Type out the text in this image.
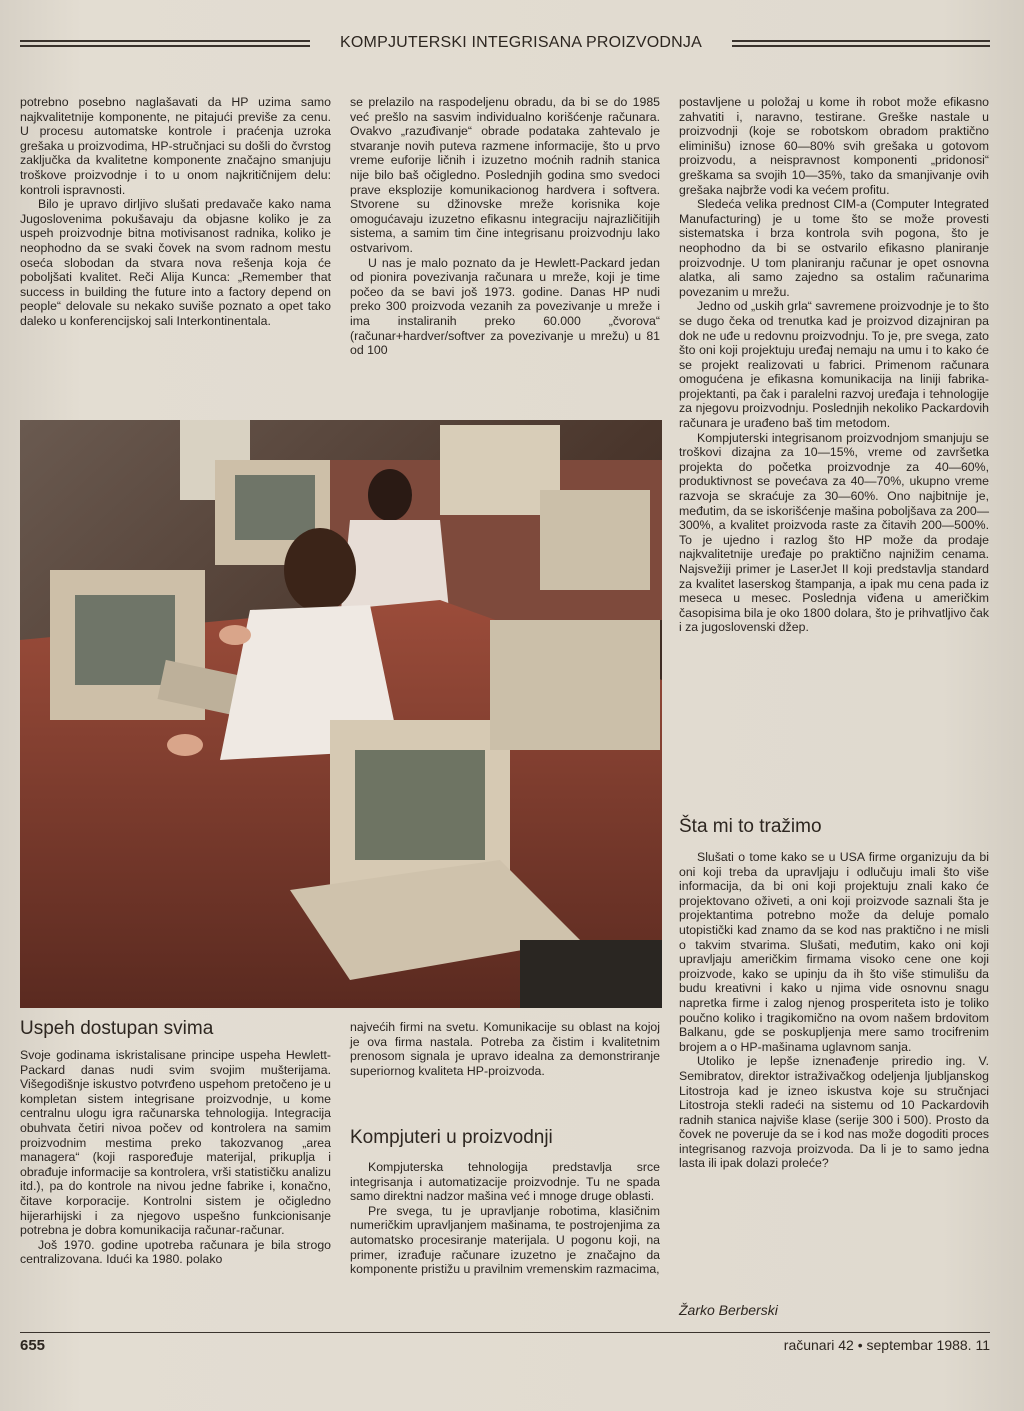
KOMPJUTERSKI INTEGRISANA PROIZVODNJA

potrebno posebno naglašavati da HP uzima samo najkvalitetnije komponente, ne pitajući previše za cenu. U procesu automatske kontrole i praćenja uzroka grešaka u proizvodima, HP-stručnjaci su došli do čvrstog zaključka da kvalitetne komponente značajno smanjuju troškove proizvodnje i to u onom najkritičnijem delu: kontroli ispravnosti.

Bilo je upravo dirljivo slušati predavače kako nama Jugoslovenima pokušavaju da objasne koliko je za uspeh proizvodnje bitna motivisanost radnika, koliko je neophodno da se svaki čovek na svom radnom mestu oseća slobodan da stvara nova rešenja koja će poboljšati kvalitet. Reči Alija Kunca: „Remember that success in building the future into a factory depend on people“ delovale su nekako suviše poznato a opet tako daleko u konferencijskoj sali Interkontinentala.

se prelazilo na raspodeljenu obradu, da bi se do 1985 već prešlo na sasvim individualno korišćenje računara. Ovakvo „razuđivanje“ obrade podataka zahtevalo je stvaranje novih puteva razmene informacije, što u prvo vreme euforije ličnih i izuzetno moćnih radnih stanica nije bilo baš očigledno. Poslednjih godina smo svedoci prave eksplozije komunikacionog hardvera i softvera. Stvorene su džinovske mreže korisnika koje omogućavaju izuzetno efikasnu integraciju najrazličitijih sistema, a samim tim čine integrisanu proizvodnju lako ostvarivom.

U nas je malo poznato da je Hewlett-Packard jedan od pionira povezivanja računara u mreže, koji je time počeo da se bavi još 1973. godine. Danas HP nudi preko 300 proizvoda vezanih za povezivanje u mreže i ima instaliranih preko 60.000 „čvorova“ (računar+hardver/softver za povezivanje u mrežu) u 81 od 100

postavljene u položaj u kome ih robot može efikasno zahvatiti i, naravno, testirane. Greške nastale u proizvodnji (koje se robotskom obradom praktično eliminišu) iznose 60—80% svih grešaka u gotovom proizvodu, a neispravnost komponenti „pridonosi“ greškama sa svojih 10—35%, tako da smanjivanje ovih grešaka najbrže vodi ka većem profitu.

Sledeća velika prednost CIM-a (Computer Integrated Manufacturing) je u tome što se može provesti sistematska i brza kontrola svih pogona, što je neophodno da bi se ostvarilo efikasno planiranje proizvodnje. U tom planiranju računar je opet osnovna alatka, ali samo zajedno sa ostalim računarima povezanim u mrežu.

Jedno od „uskih grla“ savremene proizvodnje je to što se dugo čeka od trenutka kad je proizvod dizajniran pa dok ne uđe u redovnu proizvodnju. To je, pre svega, zato što oni koji projektuju uređaj nemaju na umu i to kako će se projekt realizovati u fabrici. Primenom računara omogućena je efikasna komunikacija na liniji fabrika-projektanti, pa čak i paralelni razvoj uređaja i tehnologije za njegovu proizvodnju. Poslednjih nekoliko Packardovih računara je urađeno baš tim metodom.

Kompjuterski integrisanom proizvodnjom smanjuju se troškovi dizajna za 10—15%, vreme od završetka projekta do početka proizvodnje za 40—60%, produktivnost se povećava za 40—70%, ukupno vreme razvoja se skraćuje za 30—60%. Ono najbitnije je, međutim, da se iskorišćenje mašina poboljšava za 200—300%, a kvalitet proizvoda raste za čitavih 200—500%. To je ujedno i razlog što HP može da prodaje najkvalitetnije uređaje po praktično najnižim cenama. Najsvežiji primer je LaserJet II koji predstavlja standard za kvalitet laserskog štampanja, a ipak mu cena pada iz meseca u mesec. Poslednja viđena u američkim časopisima bila je oko 1800 dolara, što je prihvatljivo čak i za jugoslovenski džep.

Uspeh dostupan svima

Svoje godinama iskristalisane principe uspeha Hewlett-Packard danas nudi svim svojim mušterijama. Višegodišnje iskustvo potvrđeno uspehom pretočeno je u kompletan sistem integrisane proizvodnje, u kome centralnu ulogu igra računarska tehnologija. Integracija obuhvata četiri nivoa počev od kontrolera na samim proizvodnim mestima preko takozvanog „area managera“ (koji raspoređuje materijal, prikuplja i obrađuje informacije sa kontrolera, vrši statističku analizu itd.), pa do kontrole na nivou jedne fabrike i, konačno, čitave korporacije. Kontrolni sistem je očigledno hijerarhijski i za njegovo uspešno funkcionisanje potrebna je dobra komunikacija računar-računar.

Još 1970. godine upotreba računara je bila strogo centralizovana. Idući ka 1980. polako

najvećih firmi na svetu. Komunikacije su oblast na kojoj je ova firma nastala. Potreba za čistim i kvalitetnim prenosom signala je upravo idealna za demonstriranje superiornog kvaliteta HP-proizvoda.

Kompjuteri u proizvodnji

Kompjuterska tehnologija predstavlja srce integrisanja i automatizacije proizvodnje. Tu ne spada samo direktni nadzor mašina već i mnoge druge oblasti.

Pre svega, tu je upravljanje robotima, klasičnim numeričkim upravljanjem mašinama, te postrojenjima za automatsko procesiranje materijala. U pogonu koji, na primer, izrađuje računare izuzetno je značajno da komponente pristižu u pravilnim vremenskim razmacima,

Šta mi to tražimo

Slušati o tome kako se u USA firme organizuju da bi oni koji treba da upravljaju i odlučuju imali što više informacija, da bi oni koji projektuju znali kako će projektovano oživeti, a oni koji proizvode saznali šta je projektantima potrebno može da deluje pomalo utopistički kad znamo da se kod nas praktično i ne misli o takvim stvarima. Slušati, međutim, kako oni koji upravljaju američkim firmama visoko cene one koji proizvode, kako se upinju da ih što više stimulišu da budu kreativni i kako u njima vide osnovnu snagu napretka firme i zalog njenog prosperiteta isto je toliko poučno koliko i tragikomično na ovom našem brdovitom Balkanu, gde se poskupljenja mere samo trocifrenim brojem a o HP-mašinama uglavnom sanja.

Utoliko je lepše iznenađenje priredio ing. V. Semibratov, direktor istraživačkog odeljenja ljubljanskog Litostroja kad je izneo iskustva koje su stručnjaci Litostroja stekli radeći na sistemu od 10 Packardovih radnih stanica najviše klase (serije 300 i 500). Prosto da čovek ne poveruje da se i kod nas može dogoditi proces integrisanog razvoja proizvoda. Da li je to samo jedna lasta ili ipak dolazi proleće?

Žarko Berberski
655	računari 42 • septembar 1988. 11
